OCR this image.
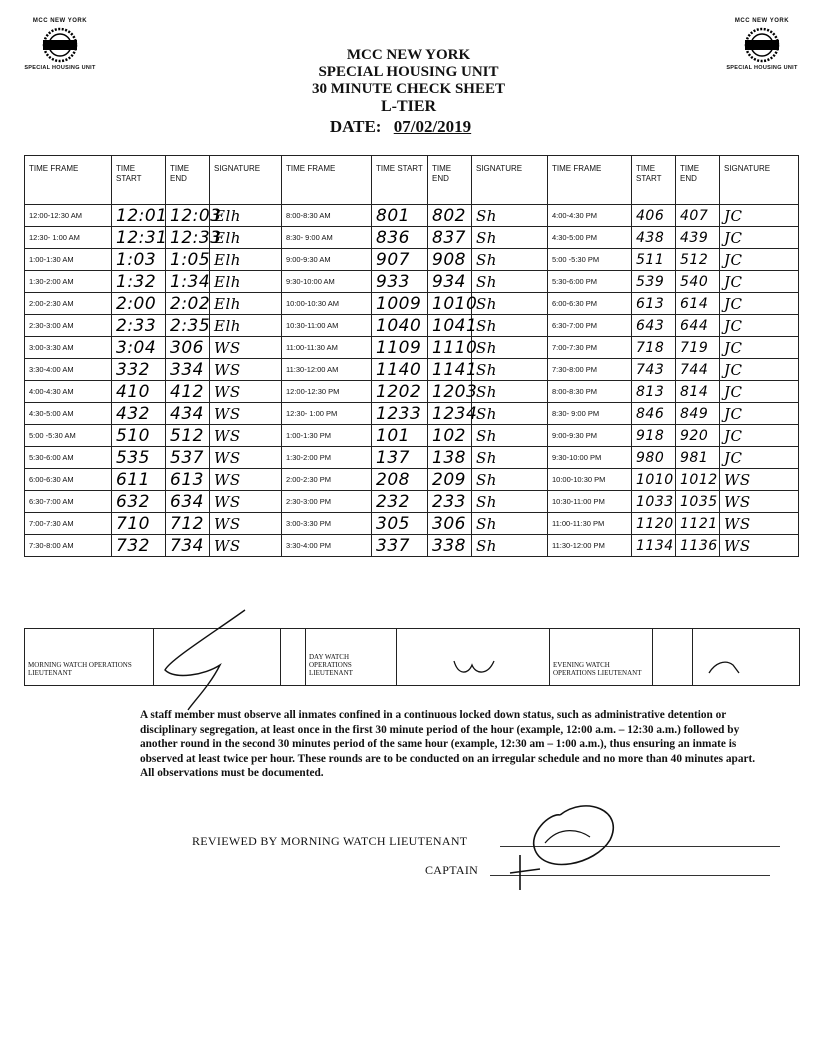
MCC NEW YORK
SPECIAL HOUSING UNIT
MCC NEW YORK
SPECIAL HOUSING UNIT
MCC NEW YORK
SPECIAL HOUSING UNIT
30 MINUTE CHECK SHEET
L-TIER
DATE: 07/02/2019
TIME FRAME	TIME START	TIME END	SIGNATURE	TIME FRAME	TIME START	TIME END	SIGNATURE	TIME FRAME	TIME START	TIME END	SIGNATURE
12:00-12:30 AM	12:01	12:03	Elh	8:00-8:30 AM	801	802	Sh	4:00-4:30 PM	406	407	JC
12:30- 1:00 AM	12:31	12:33	Elh	8:30- 9:00 AM	836	837	Sh	4:30-5:00 PM	438	439	JC
1:00-1:30 AM	1:03	1:05	Elh	9:00-9:30 AM	907	908	Sh	5:00 -5:30 PM	511	512	JC
1:30-2:00 AM	1:32	1:34	Elh	9:30-10:00 AM	933	934	Sh	5:30-6:00 PM	539	540	JC
2:00-2:30 AM	2:00	2:02	Elh	10:00-10:30 AM	1009	1010	Sh	6:00-6:30 PM	613	614	JC
2:30-3:00 AM	2:33	2:35	Elh	10:30-11:00 AM	1040	1041	Sh	6:30-7:00 PM	643	644	JC
3:00-3:30 AM	3:04	306	WS	11:00-11:30 AM	1109	1110	Sh	7:00-7:30 PM	718	719	JC
3:30-4:00 AM	332	334	WS	11:30-12:00 AM	1140	1141	Sh	7:30-8:00 PM	743	744	JC
4:00-4:30 AM	410	412	WS	12:00-12:30 PM	1202	1203	Sh	8:00-8:30 PM	813	814	JC
4:30-5:00 AM	432	434	WS	12:30- 1:00 PM	1233	1234	Sh	8:30- 9:00 PM	846	849	JC
5:00 -5:30 AM	510	512	WS	1:00-1:30 PM	101	102	Sh	9:00-9:30 PM	918	920	JC
5:30-6:00 AM	535	537	WS	1:30-2:00 PM	137	138	Sh	9:30-10:00 PM	980	981	JC
6:00-6:30 AM	611	613	WS	2:00-2:30 PM	208	209	Sh	10:00-10:30 PM	1010	1012	WS
6:30-7:00 AM	632	634	WS	2:30-3:00 PM	232	233	Sh	10:30-11:00 PM	1033	1035	WS
7:00-7:30 AM	710	712	WS	3:00-3:30 PM	305	306	Sh	11:00-11:30 PM	1120	1121	WS
7:30-8:00 AM	732	734	WS	3:30-4:00 PM	337	338	Sh	11:30-12:00 PM	1134	1136	WS
MORNING WATCH OPERATIONS LIEUTENANT
DAY WATCH OPERATIONS LIEUTENANT
EVENING WATCH OPERATIONS LIEUTENANT
A staff member must observe all inmates confined in a continuous locked down status, such as administrative detention or disciplinary segregation, at least once in the first 30 minute period of the hour (example, 12:00 a.m. – 12:30 a.m.) followed by another round in the second 30 minutes period of the same hour (example, 12:30 am – 1:00 a.m.), thus ensuring an inmate is observed at least twice per hour. These rounds are to be conducted on an irregular schedule and no more than 40 minutes apart. All observations must be documented.
REVIEWED BY MORNING WATCH LIEUTENANT
CAPTAIN
